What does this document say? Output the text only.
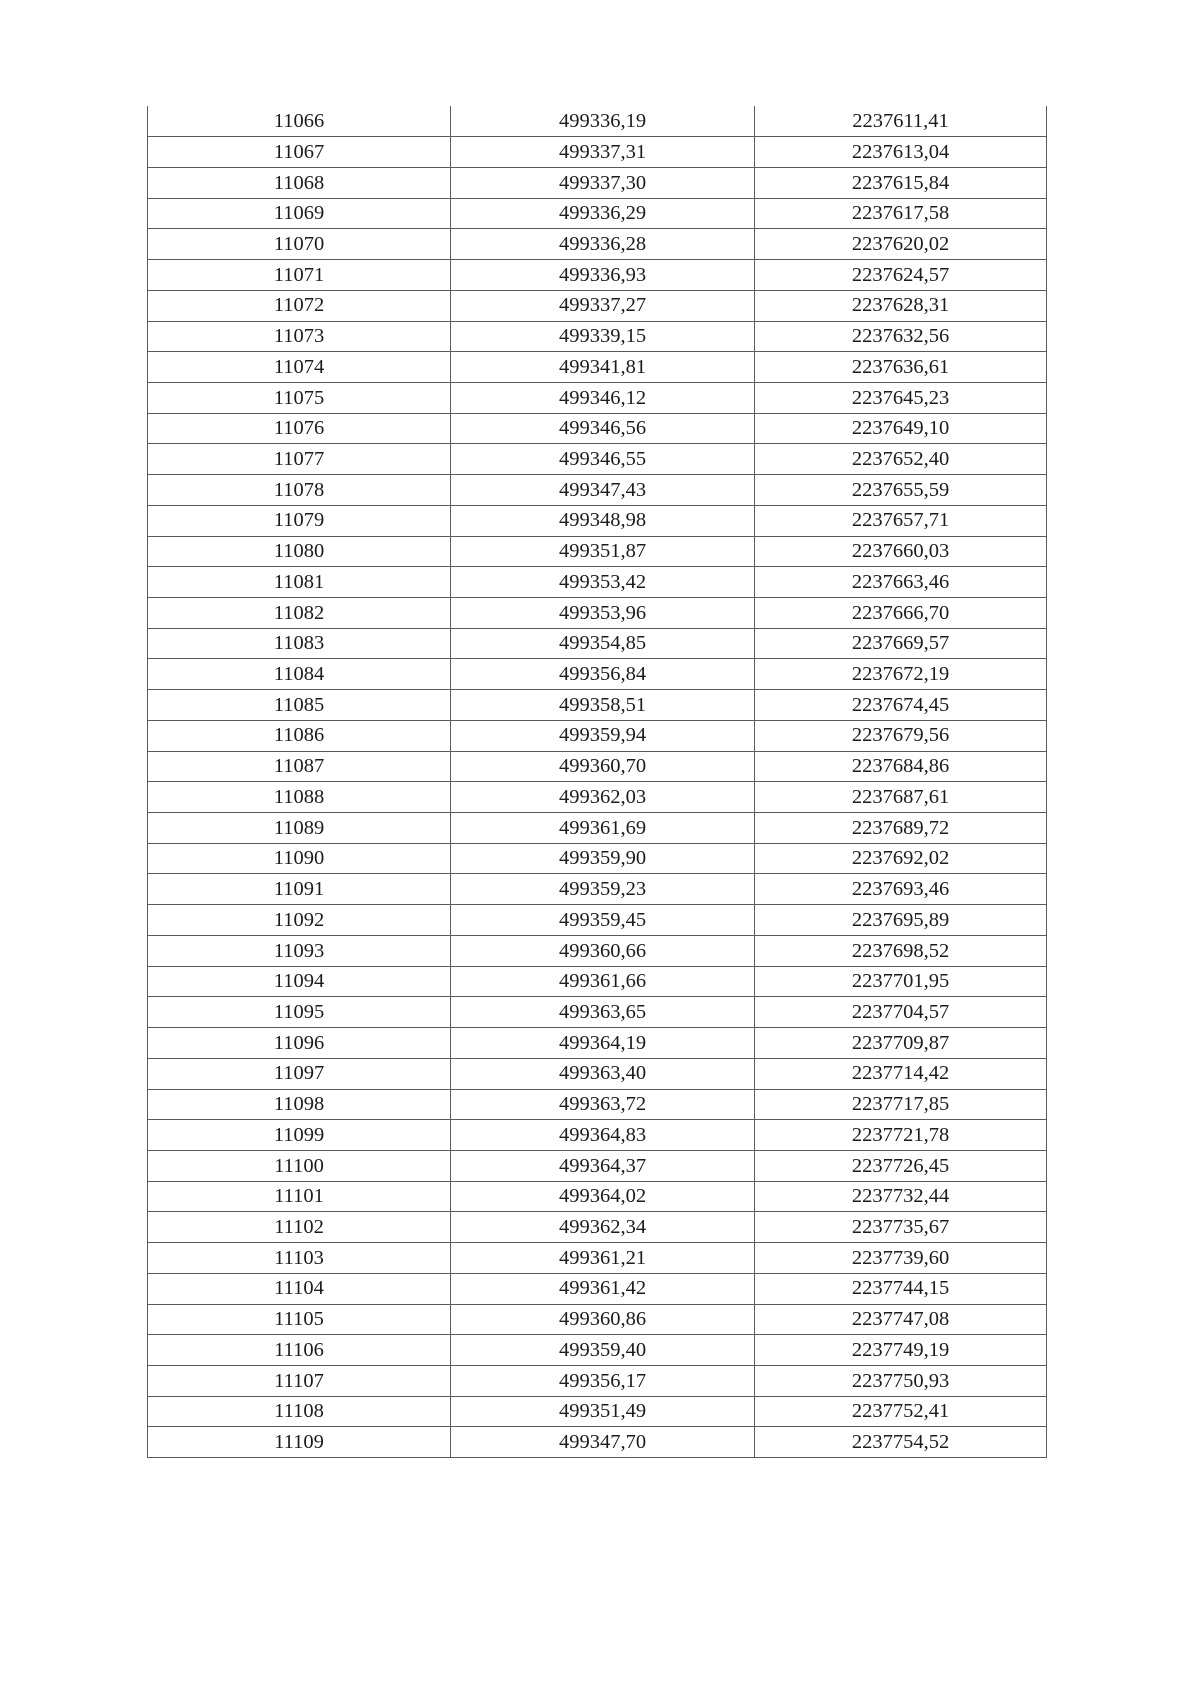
11066	499336,19	2237611,41
11067	499337,31	2237613,04
11068	499337,30	2237615,84
11069	499336,29	2237617,58
11070	499336,28	2237620,02
11071	499336,93	2237624,57
11072	499337,27	2237628,31
11073	499339,15	2237632,56
11074	499341,81	2237636,61
11075	499346,12	2237645,23
11076	499346,56	2237649,10
11077	499346,55	2237652,40
11078	499347,43	2237655,59
11079	499348,98	2237657,71
11080	499351,87	2237660,03
11081	499353,42	2237663,46
11082	499353,96	2237666,70
11083	499354,85	2237669,57
11084	499356,84	2237672,19
11085	499358,51	2237674,45
11086	499359,94	2237679,56
11087	499360,70	2237684,86
11088	499362,03	2237687,61
11089	499361,69	2237689,72
11090	499359,90	2237692,02
11091	499359,23	2237693,46
11092	499359,45	2237695,89
11093	499360,66	2237698,52
11094	499361,66	2237701,95
11095	499363,65	2237704,57
11096	499364,19	2237709,87
11097	499363,40	2237714,42
11098	499363,72	2237717,85
11099	499364,83	2237721,78
11100	499364,37	2237726,45
11101	499364,02	2237732,44
11102	499362,34	2237735,67
11103	499361,21	2237739,60
11104	499361,42	2237744,15
11105	499360,86	2237747,08
11106	499359,40	2237749,19
11107	499356,17	2237750,93
11108	499351,49	2237752,41
11109	499347,70	2237754,52
